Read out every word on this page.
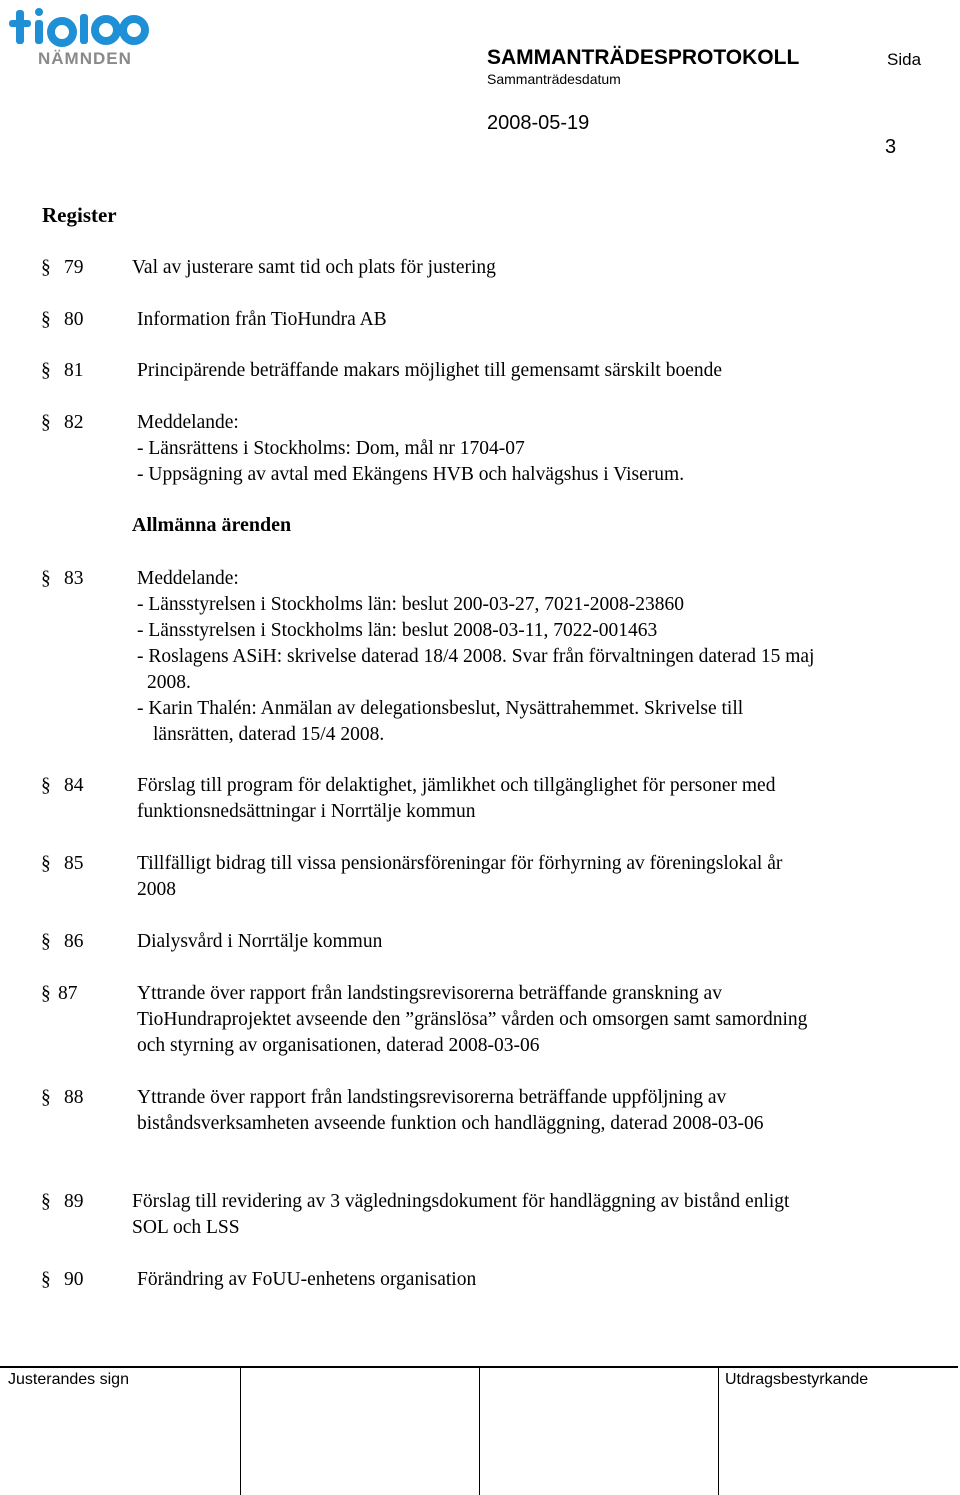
NÄMNDEN	SAMMANTRÄDESPROTOKOLL
Sammanträdesdatum
Sida
2008-05-19
3
Register
§ 79 Val av justerare samt tid och plats för justering
§ 80	Information från TioHundra AB
§ 81	Principärende beträffande makars möjlighet till gemensamt särskilt boende
§ 82	Meddelande:
- Länsrättens i Stockholms: Dom, mål nr 1704-07
- Uppsägning av avtal med Ekängens HVB och halvägshus i Viserum.
Allmänna ärenden
§ 83	Meddelande:
- Länsstyrelsen i Stockholms län: beslut 200-03-27, 7021-2008-23860
- Länsstyrelsen i Stockholms län: beslut 2008-03-11, 7022-001463
- Roslagens ASiH: skrivelse daterad 18/4 2008. Svar från förvaltningen daterad 15 maj
2008.
- Karin Thalén: Anmälan av delegationsbeslut, Nysättrahemmet. Skrivelse till
länsrätten, daterad 15/4 2008.
§ 84	Förslag till program för delaktighet, jämlikhet och tillgänglighet för personer med
funktionsnedsättningar i Norrtälje kommun
§ 85	Tillfälligt bidrag till vissa pensionärsföreningar för förhyrning av föreningslokal år
2008
§ 86	Dialysvård i Norrtälje kommun
§ 87	Yttrande över rapport från landstingsrevisorerna beträffande granskning av
TioHundraprojektet avseende den ”gränslösa” vården och omsorgen samt samordning
och styrning av organisationen, daterad 2008-03-06
§ 88	Yttrande över rapport från landstingsrevisorerna beträffande uppföljning av
biståndsverksamheten avseende funktion och handläggning, daterad 2008-03-06
§ 89 Förslag till revidering av 3 vägledningsdokument för handläggning av bistånd enligt
SOL och LSS
§ 90	Förändring av FoUU-enhetens organisation
Justerandes sign	Utdragsbestyrkande
